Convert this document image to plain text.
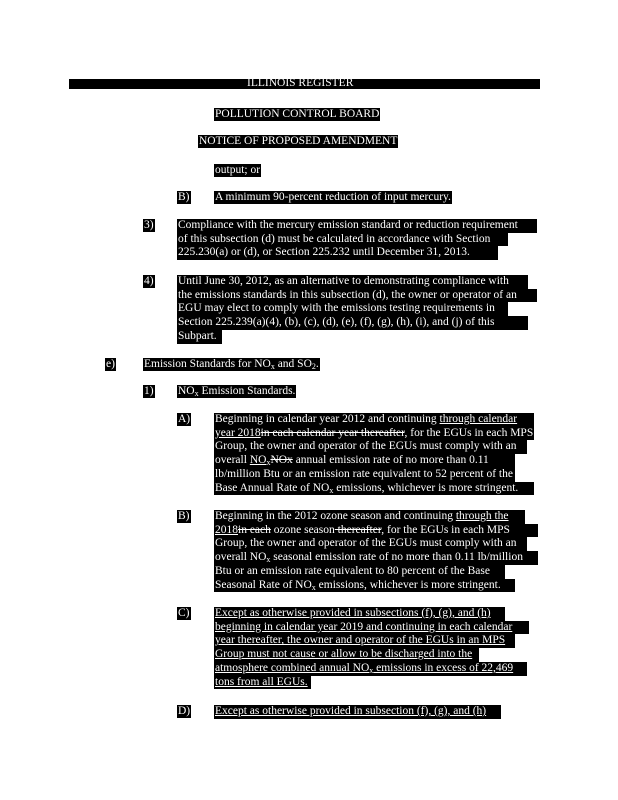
ILLINOIS REGISTER
POLLUTION CONTROL BOARD
NOTICE OF PROPOSED AMENDMENT
output; or
B) A minimum 90-percent reduction of input mercury.
3) Compliance with the mercury emission standard or reduction requirement
of this subsection (d) must be calculated in accordance with Section
225.230(a) or (d), or Section 225.232 until December 31, 2013.
4) Until June 30, 2012, as an alternative to demonstrating compliance with
the emissions standards in this subsection (d), the owner or operator of an
EGU may elect to comply with the emissions testing requirements in
Section 225.239(a)(4), (b), (c), (d), (e), (f), (g), (h), (i), and (j) of this
Subpart.
e)	Emission Standards for $NO_x$ and $SO_2$.
1) $NO_x$ Emission Standards.
A) Beginning in calendar year 2012 and continuing through calendar
year 2018in each calendar year thereafter, for the EGUs in each MPS
Group, the owner and operator of the EGUs must comply with an
overall $NO_xNOx$ annual emission rate of no more than 0.11
lb/million Btu or an emission rate equivalent to 52 percent of the
Base Annual Rate of $NO_x$ emissions, whichever is more stringent.
B) Beginning in the 2012 ozone season and continuing through the
2018in each ozone season thereafter, for the EGUs in each MPS
Group, the owner and operator of the EGUs must comply with an
overall $NO_x$ seasonal emission rate of no more than 0.11 lb/million
Btu or an emission rate equivalent to 80 percent of the Base
Seasonal Rate of $NO_x$ emissions, whichever is more stringent.
C) Except as otherwise provided in subsections (f), (g), and (h)
beginning in calendar year 2019 and continuing in each calendar
year thereafter, the owner and operator of the EGUs in an MPS
Group must not cause or allow to be discharged into the
atmosphere combined annual $NO_x$ emissions in excess of 22,469
tons from all EGUs.
D) Except as otherwise provided in subsection (f), (g), and (h)
